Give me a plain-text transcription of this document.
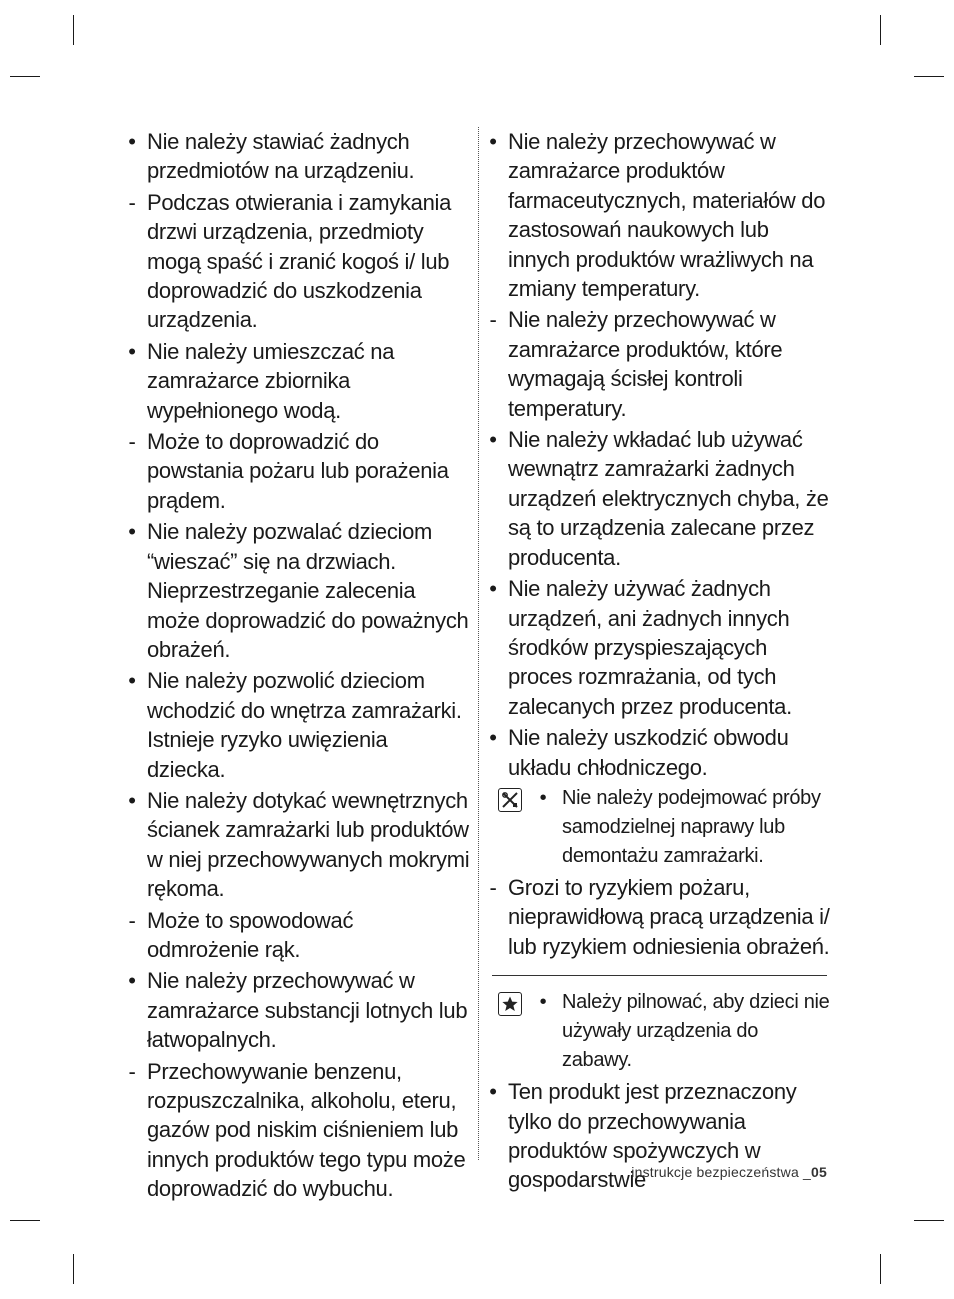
• Nie należy stawiać żadnych przedmiotów na urządzeniu.
- Podczas otwierania i zamykania drzwi urządzenia, przedmioty mogą spaść i zranić kogoś i/ lub doprowadzić do uszkodzenia urządzenia.
• Nie należy umieszczać na zamrażarce zbiornika wypełnionego wodą.
- Może to doprowadzić do powstania pożaru lub porażenia prądem.
• Nie należy pozwalać dzieciom “wieszać” się na drzwiach. Nieprzestrzeganie zalecenia może doprowadzić do poważnych obrażeń.
• Nie należy pozwolić dzieciom wchodzić do wnętrza zamrażarki. Istnieje ryzyko uwięzienia dziecka.
• Nie należy dotykać wewnętrznych ścianek zamrażarki lub produktów w niej przechowywanych mokrymi rękoma.
- Może to spowodować odmrożenie rąk.
• Nie należy przechowywać w zamrażarce substancji lotnych lub łatwopalnych.
- Przechowywanie benzenu, rozpuszczalnika, alkoholu, eteru, gazów pod niskim ciśnieniem lub innych produktów tego typu może doprowadzić do wybuchu.
• Nie należy przechowywać w zamrażarce produktów farmaceutycznych, materiałów do zastosowań naukowych lub innych produktów wrażliwych na zmiany temperatury.
- Nie należy przechowywać w zamrażarce produktów, które wymagają ścisłej kontroli temperatury.
• Nie należy wkładać lub używać wewnątrz zamrażarki żadnych urządzeń elektrycznych chyba, że są to urządzenia zalecane przez producenta.
• Nie należy używać żadnych urządzeń, ani żadnych innych środków przyspieszających proces rozmrażania, od tych zalecanych przez producenta.
• Nie należy uszkodzić obwodu układu chłodniczego.
• Nie należy podejmować próby samodzielnej naprawy lub demontażu zamrażarki.
- Grozi to ryzykiem pożaru, nieprawidłową pracą urządzenia i/ lub ryzykiem odniesienia obrażeń.
• Należy pilnować, aby dzieci nie używały urządzenia do zabawy.
• Ten produkt jest przeznaczony tylko do przechowywania produktów spożywczych w gospodarstwie
instrukcje bezpieczeństwa _05
